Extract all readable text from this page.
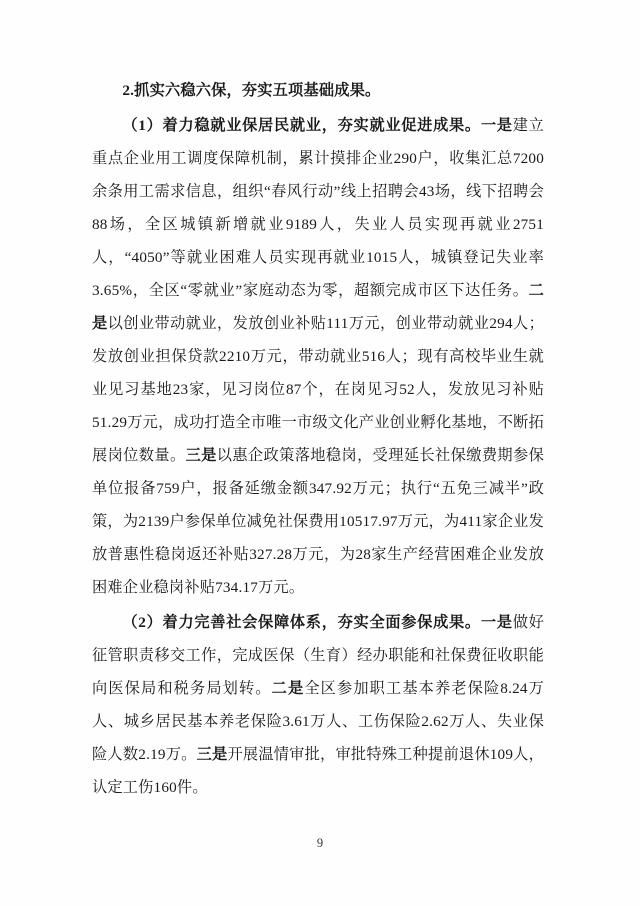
2.抓实六稳六保，夯实五项基础成果。

（1）着力稳就业保居民就业，夯实就业促进成果。一是建立重点企业用工调度保障机制，累计摸排企业290户，收集汇总7200余条用工需求信息，组织“春风行动”线上招聘会43场，线下招聘会88场，全区城镇新增就业9189人，失业人员实现再就业2751人，“4050”等就业困难人员实现再就业1015人，城镇登记失业率3.65%，全区“零就业”家庭动态为零，超额完成市区下达任务。二是以创业带动就业，发放创业补贴111万元，创业带动就业294人；发放创业担保贷款2210万元，带动就业516人；现有高校毕业生就业见习基地23家，见习岗位87个，在岗见习52人，发放见习补贴51.29万元，成功打造全市唯一市级文化产业创业孵化基地，不断拓展岗位数量。三是以惠企政策落地稳岗，受理延长社保缴费期参保单位报备759户，报备延缴金额347.92万元；执行“五免三减半”政策，为2139户参保单位减免社保费用10517.97万元，为411家企业发放普惠性稳岗返还补贴327.28万元，为28家生产经营困难企业发放困难企业稳岗补贴734.17万元。

（2）着力完善社会保障体系，夯实全面参保成果。一是做好征管职责移交工作，完成医保（生育）经办职能和社保费征收职能向医保局和税务局划转。二是全区参加职工基本养老保险8.24万人、城乡居民基本养老保险3.61万人、工伤保险2.62万人、失业保险人数2.19万。三是开展温情审批，审批特殊工种提前退休109人，认定工伤160件。

9
